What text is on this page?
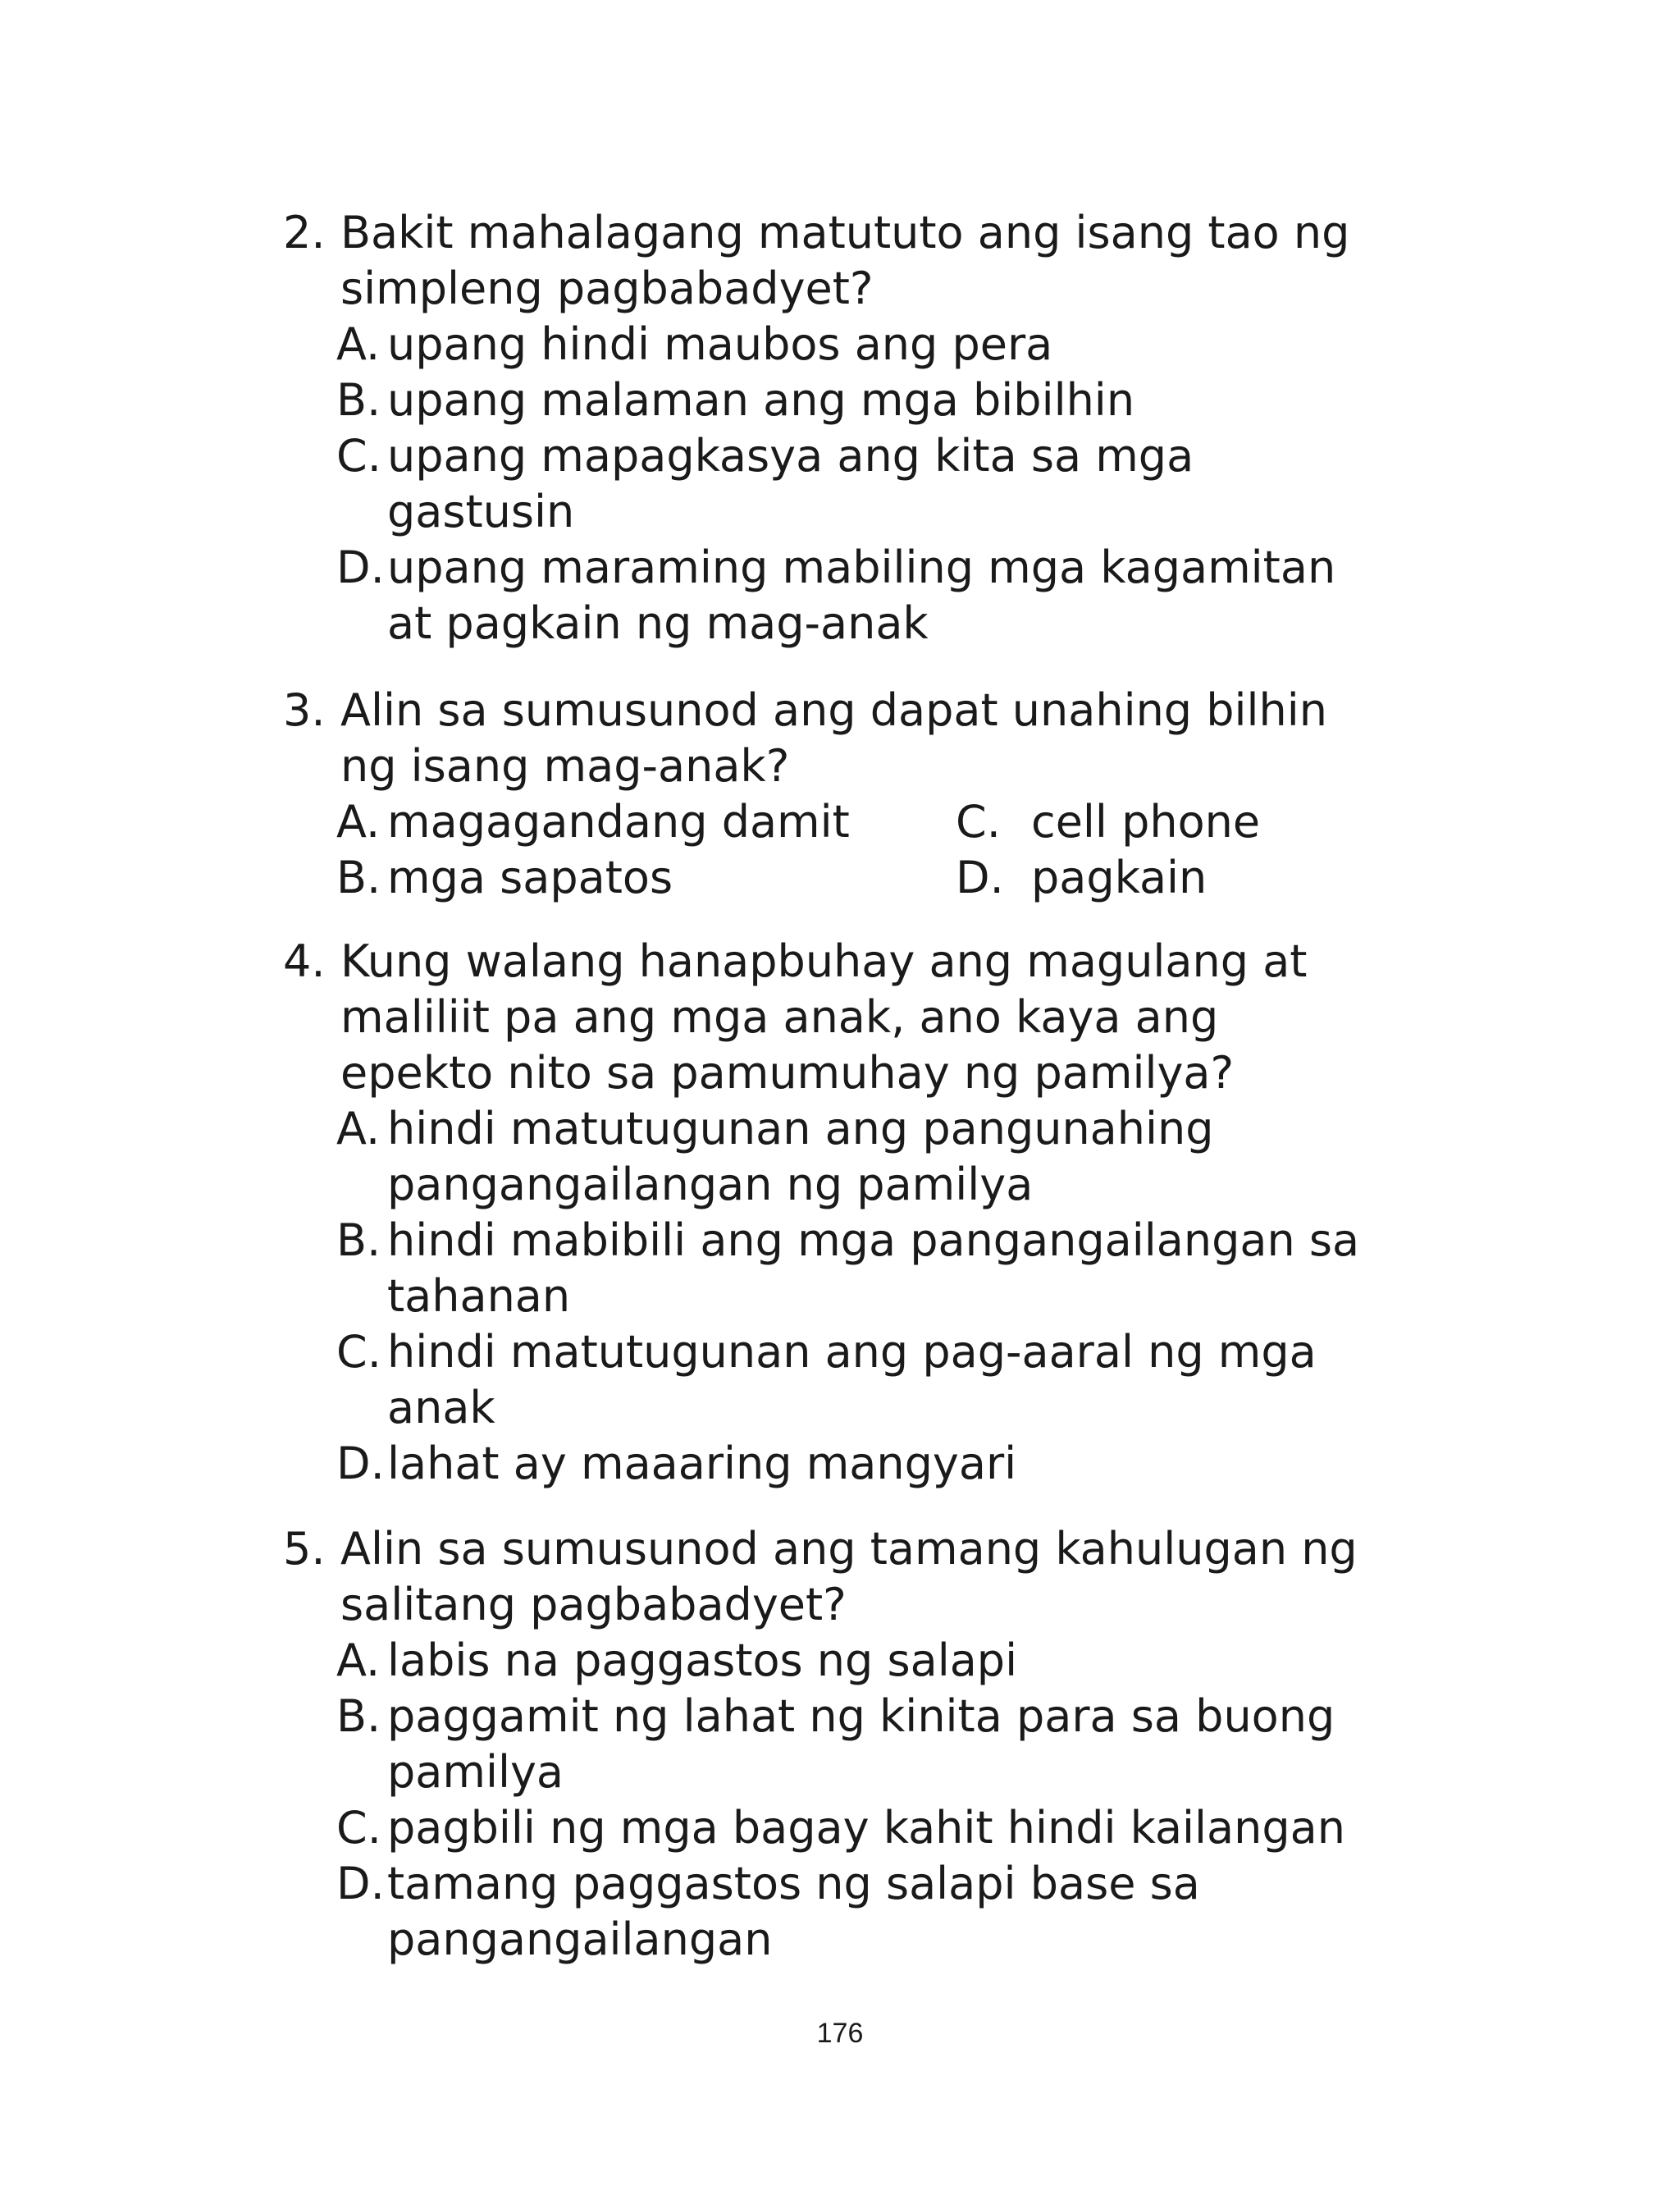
2. Bakit mahalagang matututo ang isang tao ng
simpleng pagbabadyet?
A. upang hindi maubos ang pera
B. upang malaman ang mga bibilhin
C. upang mapagkasya ang kita sa mga
gastusin
D. upang maraming mabiling mga kagamitan
at pagkain ng mag-anak
3. Alin sa sumusunod ang dapat unahing bilhin
ng isang mag-anak?
A. magagandang damit	C. cell phone
B. mga sapatos	D. pagkain
4. Kung walang hanapbuhay ang magulang at
maliliit pa ang mga anak, ano kaya ang
epekto nito sa pamumuhay ng pamilya?
A. hindi matutugunan ang pangunahing
pangangailangan ng pamilya
B. hindi mabibili ang mga pangangailangan sa
tahanan
C. hindi matutugunan ang pag-aaral ng mga
anak
D. lahat ay maaaring mangyari
5. Alin sa sumusunod ang tamang kahulugan ng
salitang pagbabadyet?
A. labis na paggastos ng salapi
B. paggamit ng lahat ng kinita para sa buong
pamilya
C. pagbili ng mga bagay kahit hindi kailangan
D. tamang paggastos ng salapi base sa
pangangailangan
176
